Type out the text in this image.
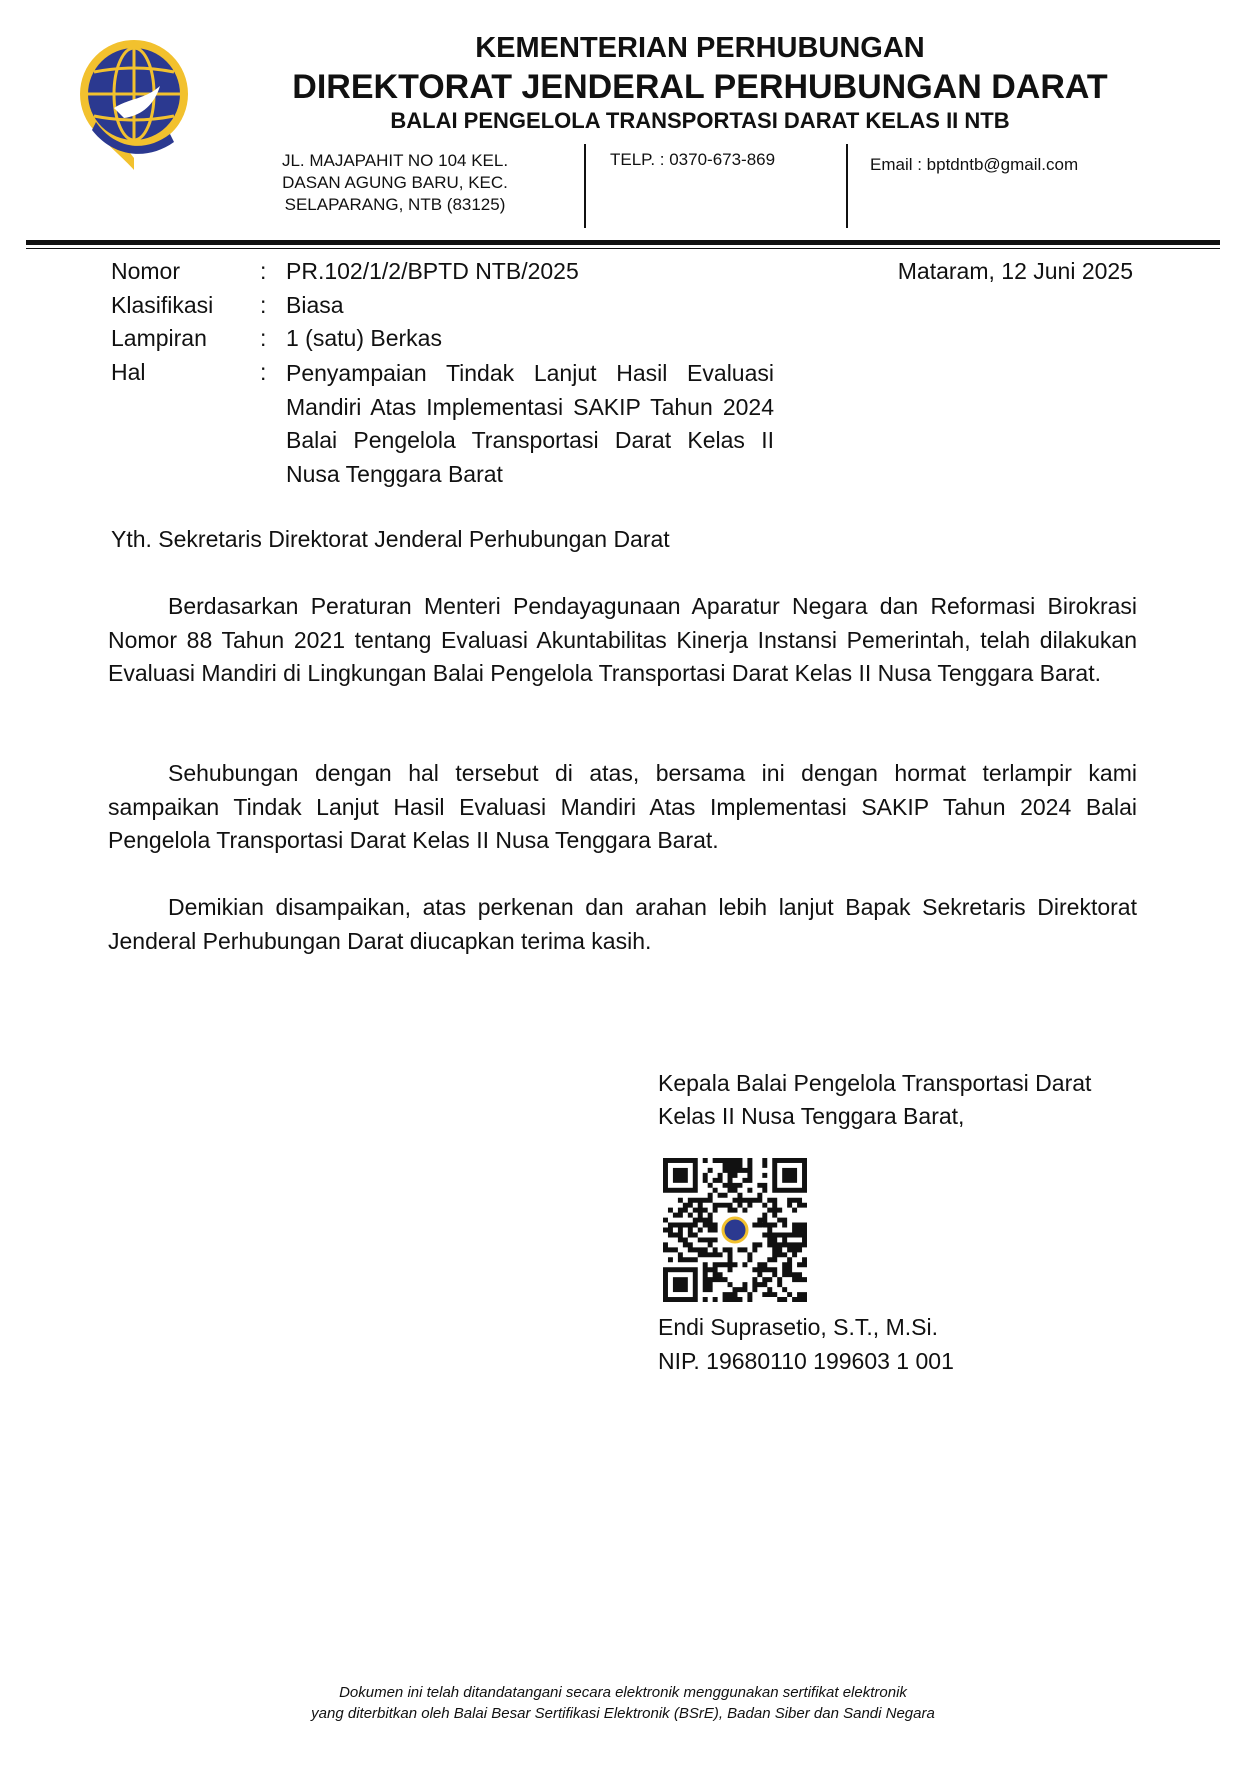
KEMENTERIAN PERHUBUNGAN
DIREKTORAT JENDERAL PERHUBUNGAN DARAT
BALAI PENGELOLA TRANSPORTASI DARAT KELAS II NTB
JL. MAJAPAHIT NO 104 KEL.
DASAN AGUNG BARU, KEC.
SELAPARANG, NTB (83125)
TELP. : 0370-673-869	Email : bptdntb@gmail.com
Nomor	: PR.102/1/2/BPTD NTB/2025
Klasifikasi : Biasa
Lampiran : 1 (satu) Berkas
Hal	: Penyampaian Tindak Lanjut Hasil Evaluasi Mandiri Atas Implementasi SAKIP Tahun 2024 Balai Pengelola Transportasi Darat Kelas II Nusa Tenggara Barat
Mataram, 12 Juni 2025
Yth. Sekretaris Direktorat Jenderal Perhubungan Darat
Berdasarkan Peraturan Menteri Pendayagunaan Aparatur Negara dan Reformasi Birokrasi Nomor 88 Tahun 2021 tentang Evaluasi Akuntabilitas Kinerja Instansi Pemerintah, telah dilakukan Evaluasi Mandiri di Lingkungan Balai Pengelola Transportasi Darat Kelas II Nusa Tenggara Barat.
Sehubungan dengan hal tersebut di atas, bersama ini dengan hormat terlampir kami sampaikan Tindak Lanjut Hasil Evaluasi Mandiri Atas Implementasi SAKIP Tahun 2024 Balai Pengelola Transportasi Darat Kelas II Nusa Tenggara Barat.
Demikian disampaikan, atas perkenan dan arahan lebih lanjut Bapak Sekretaris Direktorat Jenderal Perhubungan Darat diucapkan terima kasih.
Kepala Balai Pengelola Transportasi Darat
Kelas II Nusa Tenggara Barat,
Endi Suprasetio, S.T., M.Si.
NIP. 19680110 199603 1 001
Dokumen ini telah ditandatangani secara elektronik menggunakan sertifikat elektronik
yang diterbitkan oleh Balai Besar Sertifikasi Elektronik (BSrE), Badan Siber dan Sandi Negara
